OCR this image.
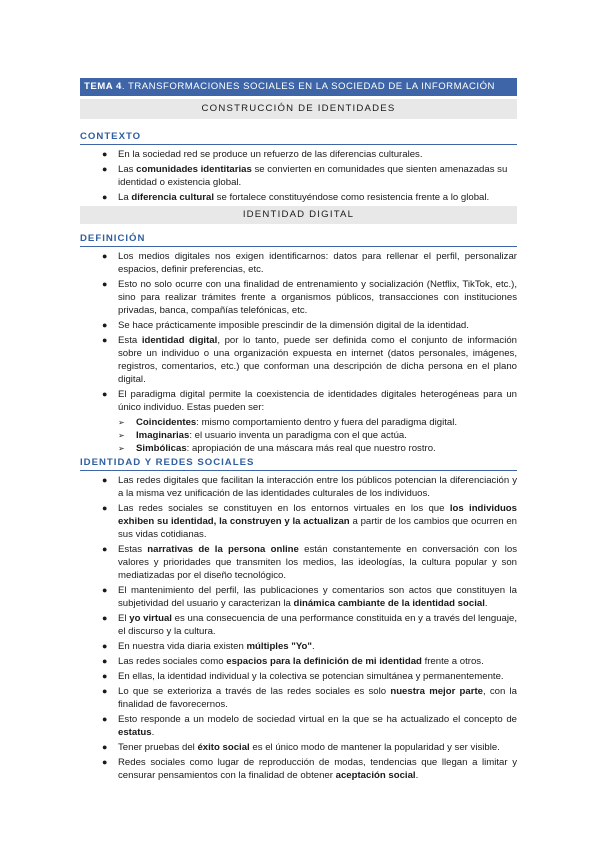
TEMA 4. TRANSFORMACIONES SOCIALES EN LA SOCIEDAD DE LA INFORMACIÓN
CONSTRUCCIÓN DE IDENTIDADES
CONTEXTO
● En la sociedad red se produce un refuerzo de las diferencias culturales.
● Las comunidades identitarias se convierten en comunidades que sienten amenazadas su identidad o existencia global.
● La diferencia cultural se fortalece constituyéndose como resistencia frente a lo global.
IDENTIDAD DIGITAL
DEFINICIÓN
● Los medios digitales nos exigen identificarnos: datos para rellenar el perfil, personalizar espacios, definir preferencias, etc.
● Esto no solo ocurre con una finalidad de entrenamiento y socialización (Netflix, TikTok, etc.), sino para realizar trámites frente a organismos públicos, transacciones con instituciones privadas, banca, compañías telefónicas, etc.
● Se hace prácticamente imposible prescindir de la dimensión digital de la identidad.
● Esta identidad digital, por lo tanto, puede ser definida como el conjunto de información sobre un individuo o una organización expuesta en internet (datos personales, imágenes, registros, comentarios, etc.) que conforman una descripción de dicha persona en el plano digital.
● El paradigma digital permite la coexistencia de identidades digitales heterogéneas para un único individuo. Estas pueden ser:
➢ Coincidentes: mismo comportamiento dentro y fuera del paradigma digital.
➢ Imaginarias: el usuario inventa un paradigma con el que actúa.
➢ Simbólicas: apropiación de una máscara más real que nuestro rostro.
IDENTIDAD Y REDES SOCIALES
● Las redes digitales que facilitan la interacción entre los públicos potencian la diferenciación y a la misma vez unificación de las identidades culturales de los individuos.
● Las redes sociales se constituyen en los entornos virtuales en los que los individuos exhiben su identidad, la construyen y la actualizan a partir de los cambios que ocurren en sus vidas cotidianas.
● Estas narrativas de la persona online están constantemente en conversación con los valores y prioridades que transmiten los medios, las ideologías, la cultura popular y son mediatizadas por el diseño tecnológico.
● El mantenimiento del perfil, las publicaciones y comentarios son actos que constituyen la subjetividad del usuario y caracterizan la dinámica cambiante de la identidad social.
● El yo virtual es una consecuencia de una performance constituida en y a través del lenguaje, el discurso y la cultura.
● En nuestra vida diaria existen múltiples "Yo".
● Las redes sociales como espacios para la definición de mi identidad frente a otros.
● En ellas, la identidad individual y la colectiva se potencian simultánea y permanentemente.
● Lo que se exterioriza a través de las redes sociales es solo nuestra mejor parte, con la finalidad de favorecernos.
● Esto responde a un modelo de sociedad virtual en la que se ha actualizado el concepto de estatus.
● Tener pruebas del éxito social es el único modo de mantener la popularidad y ser visible.
● Redes sociales como lugar de reproducción de modas, tendencias que llegan a limitar y censurar pensamientos con la finalidad de obtener aceptación social.
